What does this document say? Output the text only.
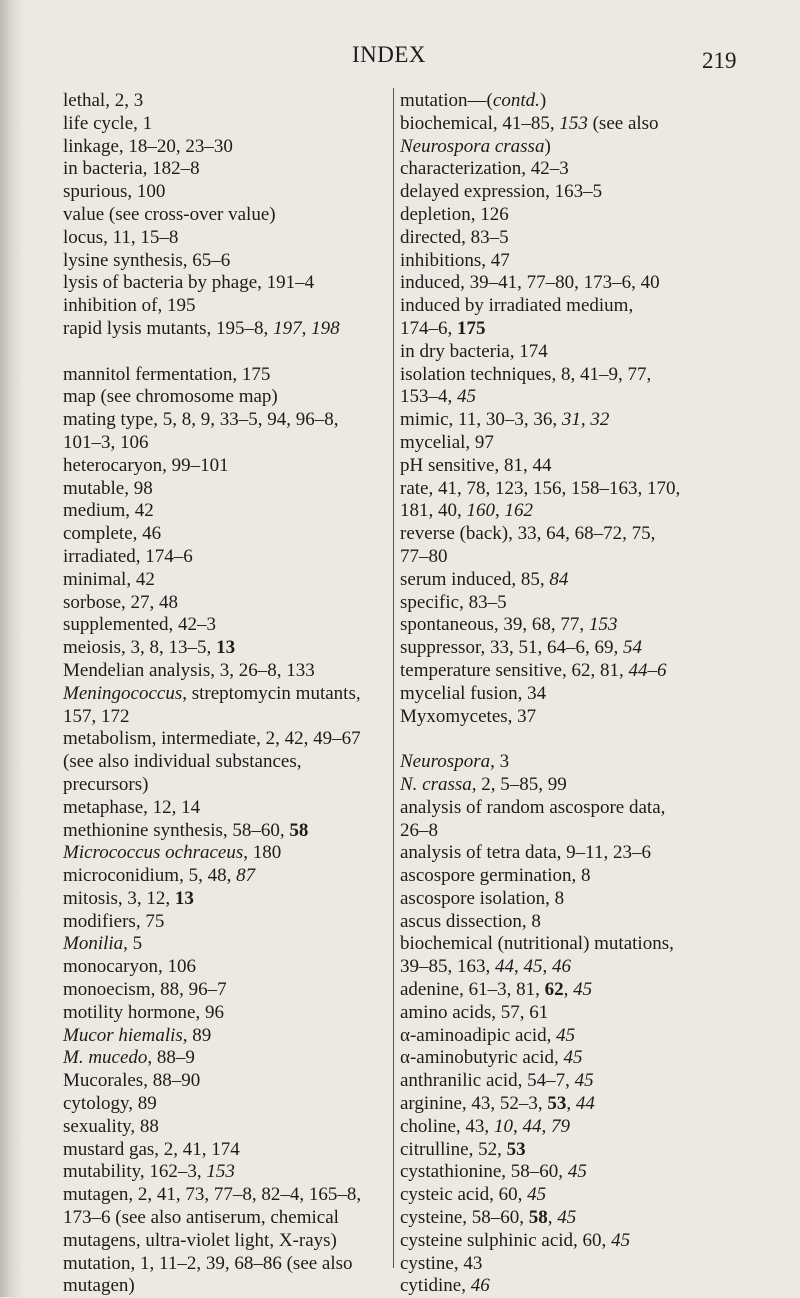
INDEX	219
lethal, 2, 3
life cycle, 1
linkage, 18–20, 23–30
in bacteria, 182–8
spurious, 100
value (see cross-over value)
locus, 11, 15–8
lysine synthesis, 65–6
lysis of bacteria by phage, 191–4
inhibition of, 195
rapid lysis mutants, 195–8, 197, 198
mannitol fermentation, 175
map (see chromosome map)
mating type, 5, 8, 9, 33–5, 94, 96–8,
101–3, 106
heterocaryon, 99–101
mutable, 98
medium, 42
complete, 46
irradiated, 174–6
minimal, 42
sorbose, 27, 48
supplemented, 42–3
meiosis, 3, 8, 13–5, 13
Mendelian analysis, 3, 26–8, 133
Meningococcus, streptomycin mutants,
157, 172
metabolism, intermediate, 2, 42, 49–67
(see also individual substances,
precursors)
metaphase, 12, 14
methionine synthesis, 58–60, 58
Micrococcus ochraceus, 180
microconidium, 5, 48, 87
mitosis, 3, 12, 13
modifiers, 75
Monilia, 5
monocaryon, 106
monoecism, 88, 96–7
motility hormone, 96
Mucor hiemalis, 89
M. mucedo, 88–9
Mucorales, 88–90
cytology, 89
sexuality, 88
mustard gas, 2, 41, 174
mutability, 162–3, 153
mutagen, 2, 41, 73, 77–8, 82–4, 165–8,
173–6 (see also antiserum, chemical
mutagens, ultra-violet light, X-rays)
mutation, 1, 11–2, 39, 68–86 (see also
mutagen)
mutation—(contd.)
biochemical, 41–85, 153 (see also
Neurospora crassa)
characterization, 42–3
delayed expression, 163–5
depletion, 126
directed, 83–5
inhibitions, 47
induced, 39–41, 77–80, 173–6, 40
induced by irradiated medium,
174–6, 175
in dry bacteria, 174
isolation techniques, 8, 41–9, 77,
153–4, 45
mimic, 11, 30–3, 36, 31, 32
mycelial, 97
pH sensitive, 81, 44
rate, 41, 78, 123, 156, 158–163, 170,
181, 40, 160, 162
reverse (back), 33, 64, 68–72, 75,
77–80
serum induced, 85, 84
specific, 83–5
spontaneous, 39, 68, 77, 153
suppressor, 33, 51, 64–6, 69, 54
temperature sensitive, 62, 81, 44–6
mycelial fusion, 34
Myxomycetes, 37
Neurospora, 3
N. crassa, 2, 5–85, 99
analysis of random ascospore data,
26–8
analysis of tetra data, 9–11, 23–6
ascospore germination, 8
ascospore isolation, 8
ascus dissection, 8
biochemical (nutritional) mutations,
39–85, 163, 44, 45, 46
adenine, 61–3, 81, 62, 45
amino acids, 57, 61
α-aminoadipic acid, 45
α-aminobutyric acid, 45
anthranilic acid, 54–7, 45
arginine, 43, 52–3, 53, 44
choline, 43, 10, 44, 79
citrulline, 52, 53
cystathionine, 58–60, 45
cysteic acid, 60, 45
cysteine, 58–60, 58, 45
cysteine sulphinic acid, 60, 45
cystine, 43
cytidine, 46
